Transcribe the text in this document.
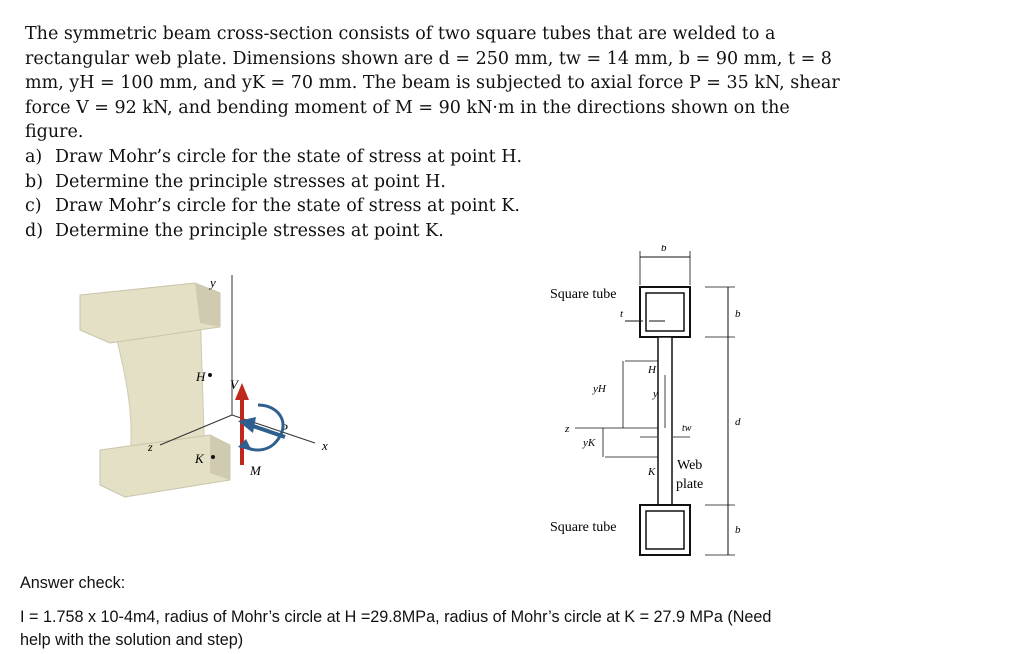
The symmetric beam cross-section consists of two square tubes that are welded to a rectangular web plate. Dimensions shown are d = 250 mm, tw = 14 mm, b = 90 mm, t = 8 mm, yH = 100 mm, and yK = 70 mm. The beam is subjected to axial force P = 35 kN, shear force V = 92 kN, and bending moment of M = 90 kN·m in the directions shown on the figure.

a) Draw Mohr’s circle for the state of stress at point H.
b) Determine the principle stresses at point H.
c) Draw Mohr’s circle for the state of stress at point K.
d) Determine the principle stresses at point K.
y
x
z
H
K
V
P
M
b
Square tube
t	b
d
b
z
H
yH	y
yK
K
tw
Web
plate
Square tube

Answer check:

I = 1.758 x 10-4m4, radius of Mohr’s circle at H =29.8MPa, radius of Mohr’s circle at K = 27.9 MPa (Need

help with the solution and step)
